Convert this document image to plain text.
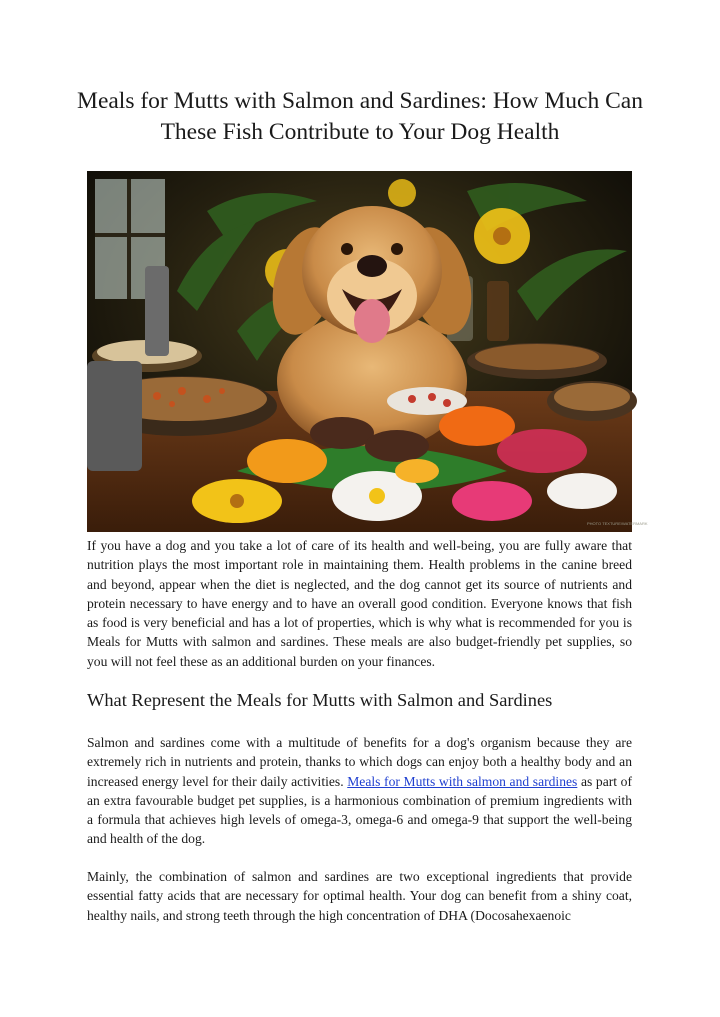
Meals for Mutts with Salmon and Sardines: How Much Can These Fish Contribute to Your Dog Health
PHOTO TEXTURE/WATERMARK

If you have a dog and you take a lot of care of its health and well-being, you are fully aware that nutrition plays the most important role in maintaining them. Health problems in the canine breed and beyond, appear when the diet is neglected, and the dog cannot get its source of nutrients and protein necessary to have energy and to have an overall good condition. Everyone knows that fish as food is very beneficial and has a lot of properties, which is why what is recommended for you is Meals for Mutts with salmon and sardines. These meals are also budget-friendly pet supplies, so you will not feel these as an additional burden on your finances.

What Represent the Meals for Mutts with Salmon and Sardines

Salmon and sardines come with a multitude of benefits for a dog's organism because they are extremely rich in nutrients and protein, thanks to which dogs can enjoy both a healthy body and an increased energy level for their daily activities. Meals for Mutts with salmon and sardines as part of an extra favourable budget pet supplies, is a harmonious combination of premium ingredients with a formula that achieves high levels of omega-3, omega-6 and omega-9 that support the well-being and health of the dog.

Mainly, the combination of salmon and sardines are two exceptional ingredients that provide essential fatty acids that are necessary for optimal health. Your dog can benefit from a shiny coat, healthy nails, and strong teeth through the high concentration of DHA (Docosahexaenoic
